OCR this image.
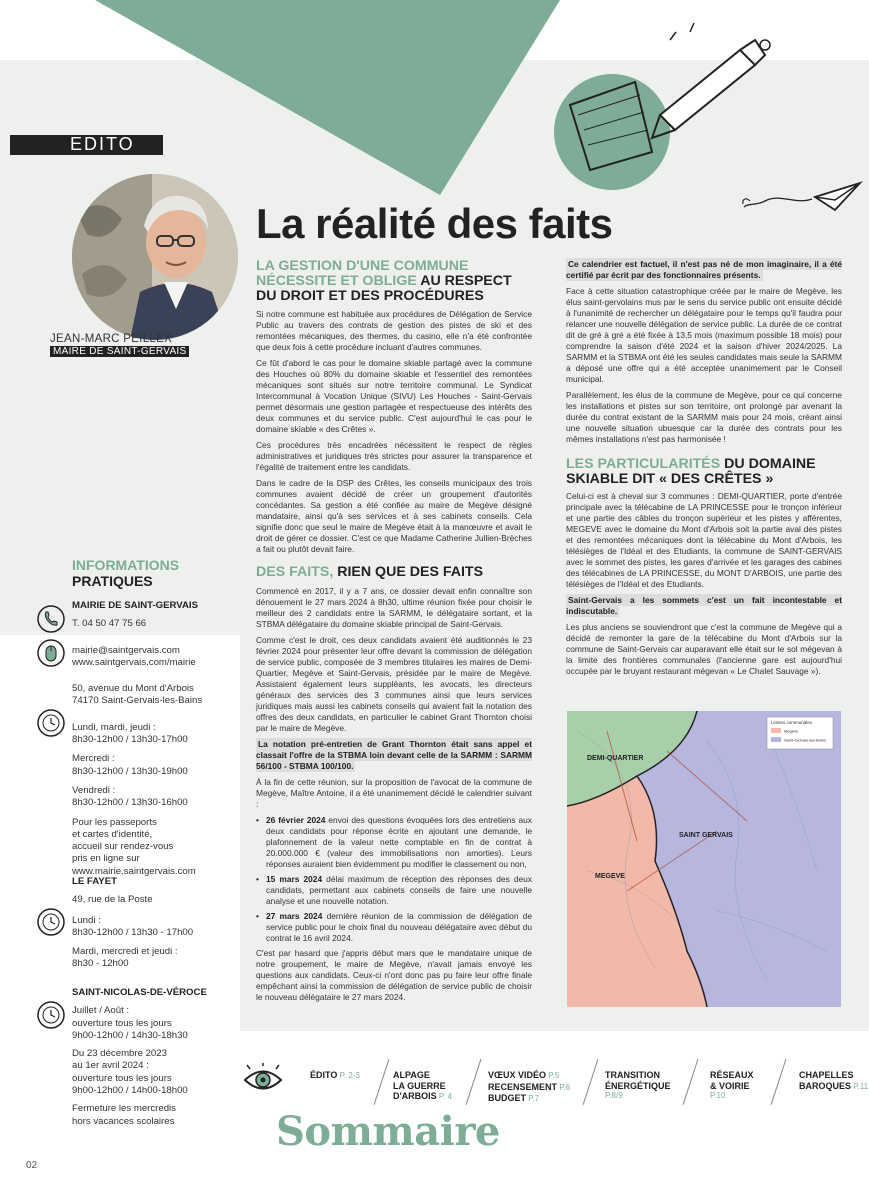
EDITO
JEAN-MARC PEILLEX
MAIRE DE SAINT-GERVAIS
La réalité des faits
LA GESTION D'UNE COMMUNE
NÉCESSITE ET OBLIGE AU RESPECT
DU DROIT ET DES PROCÉDURES

Si notre commune est habituée aux procédures de Délégation de Service Public au travers des contrats de gestion des pistes de ski et des remontées mécaniques, des thermes, du casino, elle n'a été confrontée que deux fois à cette procédure incluant d'autres communes.

Ce fût d'abord le cas pour le domaine skiable partagé avec la commune des Houches où 80% du domaine skiable et l'essentiel des remontées mécaniques sont situés sur notre territoire communal. Le Syndicat Intercommunal à Vocation Unique (SIVU) Les Houches - Saint-Gervais permet désormais une gestion partagée et respectueuse des intérêts des deux communes et du service public. C'est aujourd'hui le cas pour le domaine skiable « des Crêtes ».

Ces procédures très encadrées nécessitent le respect de règles administratives et juridiques très strictes pour assurer la transparence et l'égalité de traitement entre les candidats.

Dans le cadre de la DSP des Crêtes, les conseils municipaux des trois communes avaient décidé de créer un groupement d'autorités concédantes. Sa gestion a été confiée au maire de Megève désigné mandataire, ainsi qu'à ses services et à ses cabinets conseils. Cela signifie donc que seul le maire de Megève était à la manœuvre et avait le droit de gérer ce dossier. C'est ce que Madame Catherine Jullien-Brèches a fait ou plutôt devait faire.

DES FAITS, RIEN QUE DES FAITS

Commencé en 2017, il y a 7 ans, ce dossier devait enfin connaître son dénouement le 27 mars 2024 à 8h30, ultime réunion fixée pour choisir le meilleur des 2 candidats entre la SARMM, le délégataire sortant, et la STBMA délégataire du domaine skiable principal de Saint-Gervais.

Comme c'est le droit, ces deux candidats avaient été auditionnés le 23 février 2024 pour présenter leur offre devant la commission de délégation de service public, composée de 3 membres titulaires les maires de Demi-Quartier, Megève et Saint-Gervais, présidée par le maire de Megève. Assistaient également leurs suppléants, les avocats, les directeurs généraux des services des 3 communes ainsi que leurs services juridiques mais aussi les cabinets conseils qui avaient fait la notation des offres des deux candidats, en particulier le cabinet Grant Thornton choisi par le maire de Megève.

La notation pré-entretien de Grant Thornton était sans appel et classait l'offre de la STBMA loin devant celle de la SARMM : SARMM 56/100 - STBMA 100/100.

À la fin de cette réunion, sur la proposition de l'avocat de la commune de Megève, Maître Antoine, il a été unanimement décidé le calendrier suivant :

• 26 février 2024 envoi des questions évoquées lors des entretiens aux deux candidats pour réponse écrite en ajoutant une demande, le plafonnement de la valeur nette comptable en fin de contrat à 20.000.000 € (valeur des immobilisations non amorties). Leurs réponses auraient bien évidemment pu modifier le classement ou non,
• 15 mars 2024 délai maximum de réception des réponses des deux candidats, permettant aux cabinets conseils de faire une nouvelle analyse et une nouvelle notation.
• 27 mars 2024 dernière réunion de la commission de délégation de service public pour le choix final du nouveau délégataire avec début du contrat le 16 avril 2024.

C'est par hasard que j'appris début mars que le mandataire unique de notre groupement, le maire de Megève, n'avait jamais envoyé les questions aux candidats. Ceux-ci n'ont donc pas pu faire leur offre finale empêchant ainsi la commission de délégation de service public de choisir le nouveau délégataire le 27 mars 2024.

Ce calendrier est factuel, il n'est pas né de mon imaginaire, il a été certifié par écrit par des fonctionnaires présents.

Face à cette situation catastrophique créée par le maire de Megève, les élus saint-gervolains mus par le sens du service public ont ensuite décidé à l'unanimité de rechercher un délégataire pour le temps qu'il faudra pour relancer une nouvelle délégation de service public. La durée de ce contrat dit de gré à gré a été fixée à 13,5 mois (maximum possible 18 mois) pour comprendre la saison d'été 2024 et la saison d'hiver 2024/2025. La SARMM et la STBMA ont été les seules candidates mais seule la SARMM a déposé une offre qui a été acceptée unanimement par le Conseil municipal.

Parallèlement, les élus de la commune de Megève, pour ce qui concerne les installations et pistes sur son territoire, ont prolongé par avenant la durée du contrat existant de la SARMM mais pour 24 mois, créant ainsi une nouvelle situation ubuesque car la durée des contrats pour les mêmes installations n'est pas harmonisée !

LES PARTICULARITÉS DU DOMAINE
SKIABLE DIT « DES CRÊTES »

Celui-ci est à cheval sur 3 communes : DEMI-QUARTIER, porte d'entrée principale avec la télécabine de LA PRINCESSE pour le tronçon inférieur et une partie des câbles du tronçon supérieur et les pistes y afférentes, MEGEVE avec le domaine du Mont d'Arbois soit la partie aval des pistes et des remontées mécaniques dont la télécabine du Mont d'Arbois, les télésièges de l'Idéal et des Etudiants, la commune de SAINT-GERVAIS avec le sommet des pistes, les gares d'arrivée et les garages des cabines des télécabines de LA PRINCESSE, du MONT D'ARBOIS, une partie des télésièges de l'Idéal et des Etudiants.

Saint-Gervais a les sommets c'est un fait incontestable et indiscutable.

Les plus anciens se souviendront que c'est la commune de Megève qui a décidé de remonter la gare de la télécabine du Mont d'Arbois sur la commune de Saint-Gervais car auparavant elle était sur le sol mégevan à la limite des frontières communales (l'ancienne gare est aujourd'hui occupée par le bruyant restaurant mégevan « Le Chalet Sauvage »).

Limites communales
Megève
Saint-Gervais-les-Bains
DEMI-QUARTIER
SAINT GERVAIS
MEGEVE
INFORMATIONS
PRATIQUES
MAIRIE DE SAINT-GERVAIS
T. 04 50 47 75 66
mairie@saintgervais.com
www.saintgervais.com/mairie
50, avenue du Mont d'Arbois
74170 Saint-Gervais-les-Bains
Lundi, mardi, jeudi :
8h30-12h00 / 13h30-17h00
Mercredi :
8h30-12h00 / 13h30-19h00
Vendredi :
8h30-12h00 / 13h30-16h00
Pour les passeports
et cartes d'identité,
accueil sur rendez-vous
pris en ligne sur
www.mairie.saintgervais.com
LE FAYET
49, rue de la Poste
Lundi :
8h30-12h00 / 13h30 - 17h00
Mardi, mercredi et jeudi :
8h30 - 12h00
SAINT-NICOLAS-DE-VÉROCE
Juillet / Août :
ouverture tous les jours
9h00-12h00 / 14h30-18h30
Du 23 décembre 2023
au 1er avril 2024 :
ouverture tous les jours
9h00-12h00 / 14h00-18h00
Fermeture les mercredis
hors vacances scolaires
ÉDITO P. 2-3	ALPAGE
LA GUERRE
D'ARBOIS P. 4
VŒUX VIDÉO P.5
RECENSEMENT P.6
BUDGET P.7
TRANSITION
ÉNERGÉTIQUE
P.8/9
RÉSEAUX
& VOIRIE
P.10
CHAPELLES
BAROQUES P.11
Sommaire
02
